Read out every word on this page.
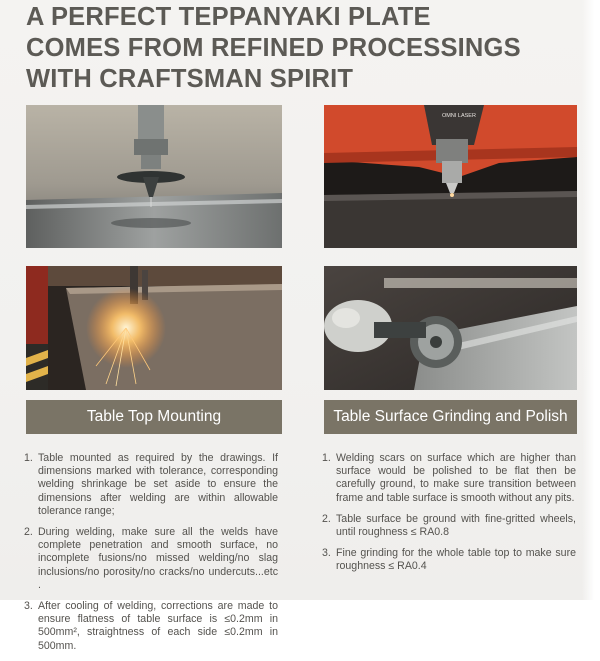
A PERFECT TEPPANYAKI PLATE
COMES FROM REFINED PROCESSINGS
WITH CRAFTSMAN SPIRIT
OMNI LASER
Table Top Mounting	Table Surface Grinding and Polish
1. Table mounted as required by the drawings. If dimensions marked with tolerance, corresponding welding shrinkage be set aside to ensure the dimensions after welding are within allowable tolerance range;
2. During welding, make sure all the welds have complete penetration and smooth surface, no incomplete fusions/no missed welding/no slag inclusions/no porosity/no cracks/no undercuts...etc .
3. After cooling of welding, corrections are made to ensure flatness of table surface is ≤0.2mm in 500mm², straightness of each side ≤0.2mm in 500mm.
1. Welding scars on surface which are higher than surface would be polished to be flat then be carefully ground, to make sure transition between frame and table surface is smooth without any pits.
2. Table surface be ground with fine-gritted wheels, until roughness ≤ RA0.8
3. Fine grinding for the whole table top to make sure roughness ≤ RA0.4
